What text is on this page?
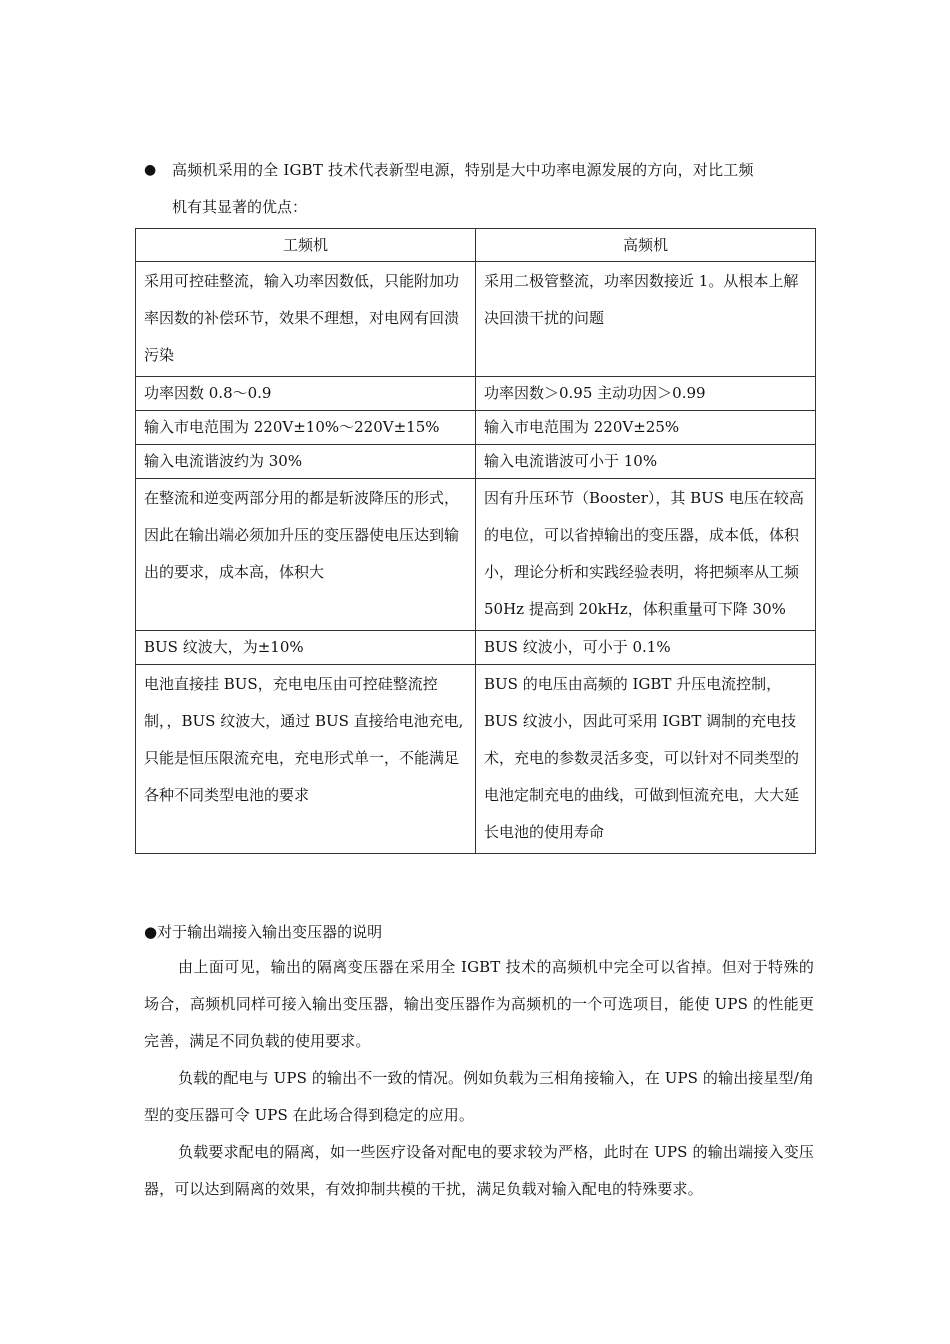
●	高频机采用的全 IGBT 技术代表新型电源，特别是大中功率电源发展的方向，对比工频
机有其显著的优点：
工频机	高频机
采用可控硅整流，输入功率因数低，只能附加功率因数的补偿环节，效果不理想，对电网有回溃污染	采用二极管整流，功率因数接近 1。从根本上解决回溃干扰的问题
功率因数 0.8～0.9	功率因数＞0.95 主动功因＞0.99
输入市电范围为 220V±10%～220V±15%	输入市电范围为 220V±25%
输入电流谐波约为 30%	输入电流谐波可小于 10%
在整流和逆变两部分用的都是斩波降压的形式，因此在输出端必须加升压的变压器使电压达到输出的要求，成本高，体积大	因有升压环节（Booster），其 BUS 电压在较高的电位，可以省掉输出的变压器，成本低，体积小，理论分析和实践经验表明，将把频率从工频 50Hz 提高到 20kHz，体积重量可下降 30%
BUS 纹波大，为±10%	BUS 纹波小，可小于 0.1%
电池直接挂 BUS，充电电压由可控硅整流控制，，BUS 纹波大，通过 BUS 直接给电池充电,只能是恒压限流充电，充电形式单一，不能满足各种不同类型电池的要求	BUS 的电压由高频的 IGBT 升压电流控制，BUS 纹波小，因此可采用 IGBT 调制的充电技术，充电的参数灵活多变，可以针对不同类型的电池定制充电的曲线，可做到恒流充电，大大延长电池的使用寿命
●对于输出端接入输出变压器的说明

由上面可见，输出的隔离变压器在采用全 IGBT 技术的高频机中完全可以省掉。但对于特殊的场合，高频机同样可接入输出变压器，输出变压器作为高频机的一个可选项目，能使 UPS 的性能更完善，满足不同负载的使用要求。

负载的配电与 UPS 的输出不一致的情况。例如负载为三相角接输入，在 UPS 的输出接星型/角型的变压器可令 UPS 在此场合得到稳定的应用。

负载要求配电的隔离，如一些医疗设备对配电的要求较为严格，此时在 UPS 的输出端接入变压器，可以达到隔离的效果，有效抑制共模的干扰，满足负载对输入配电的特殊要求。
